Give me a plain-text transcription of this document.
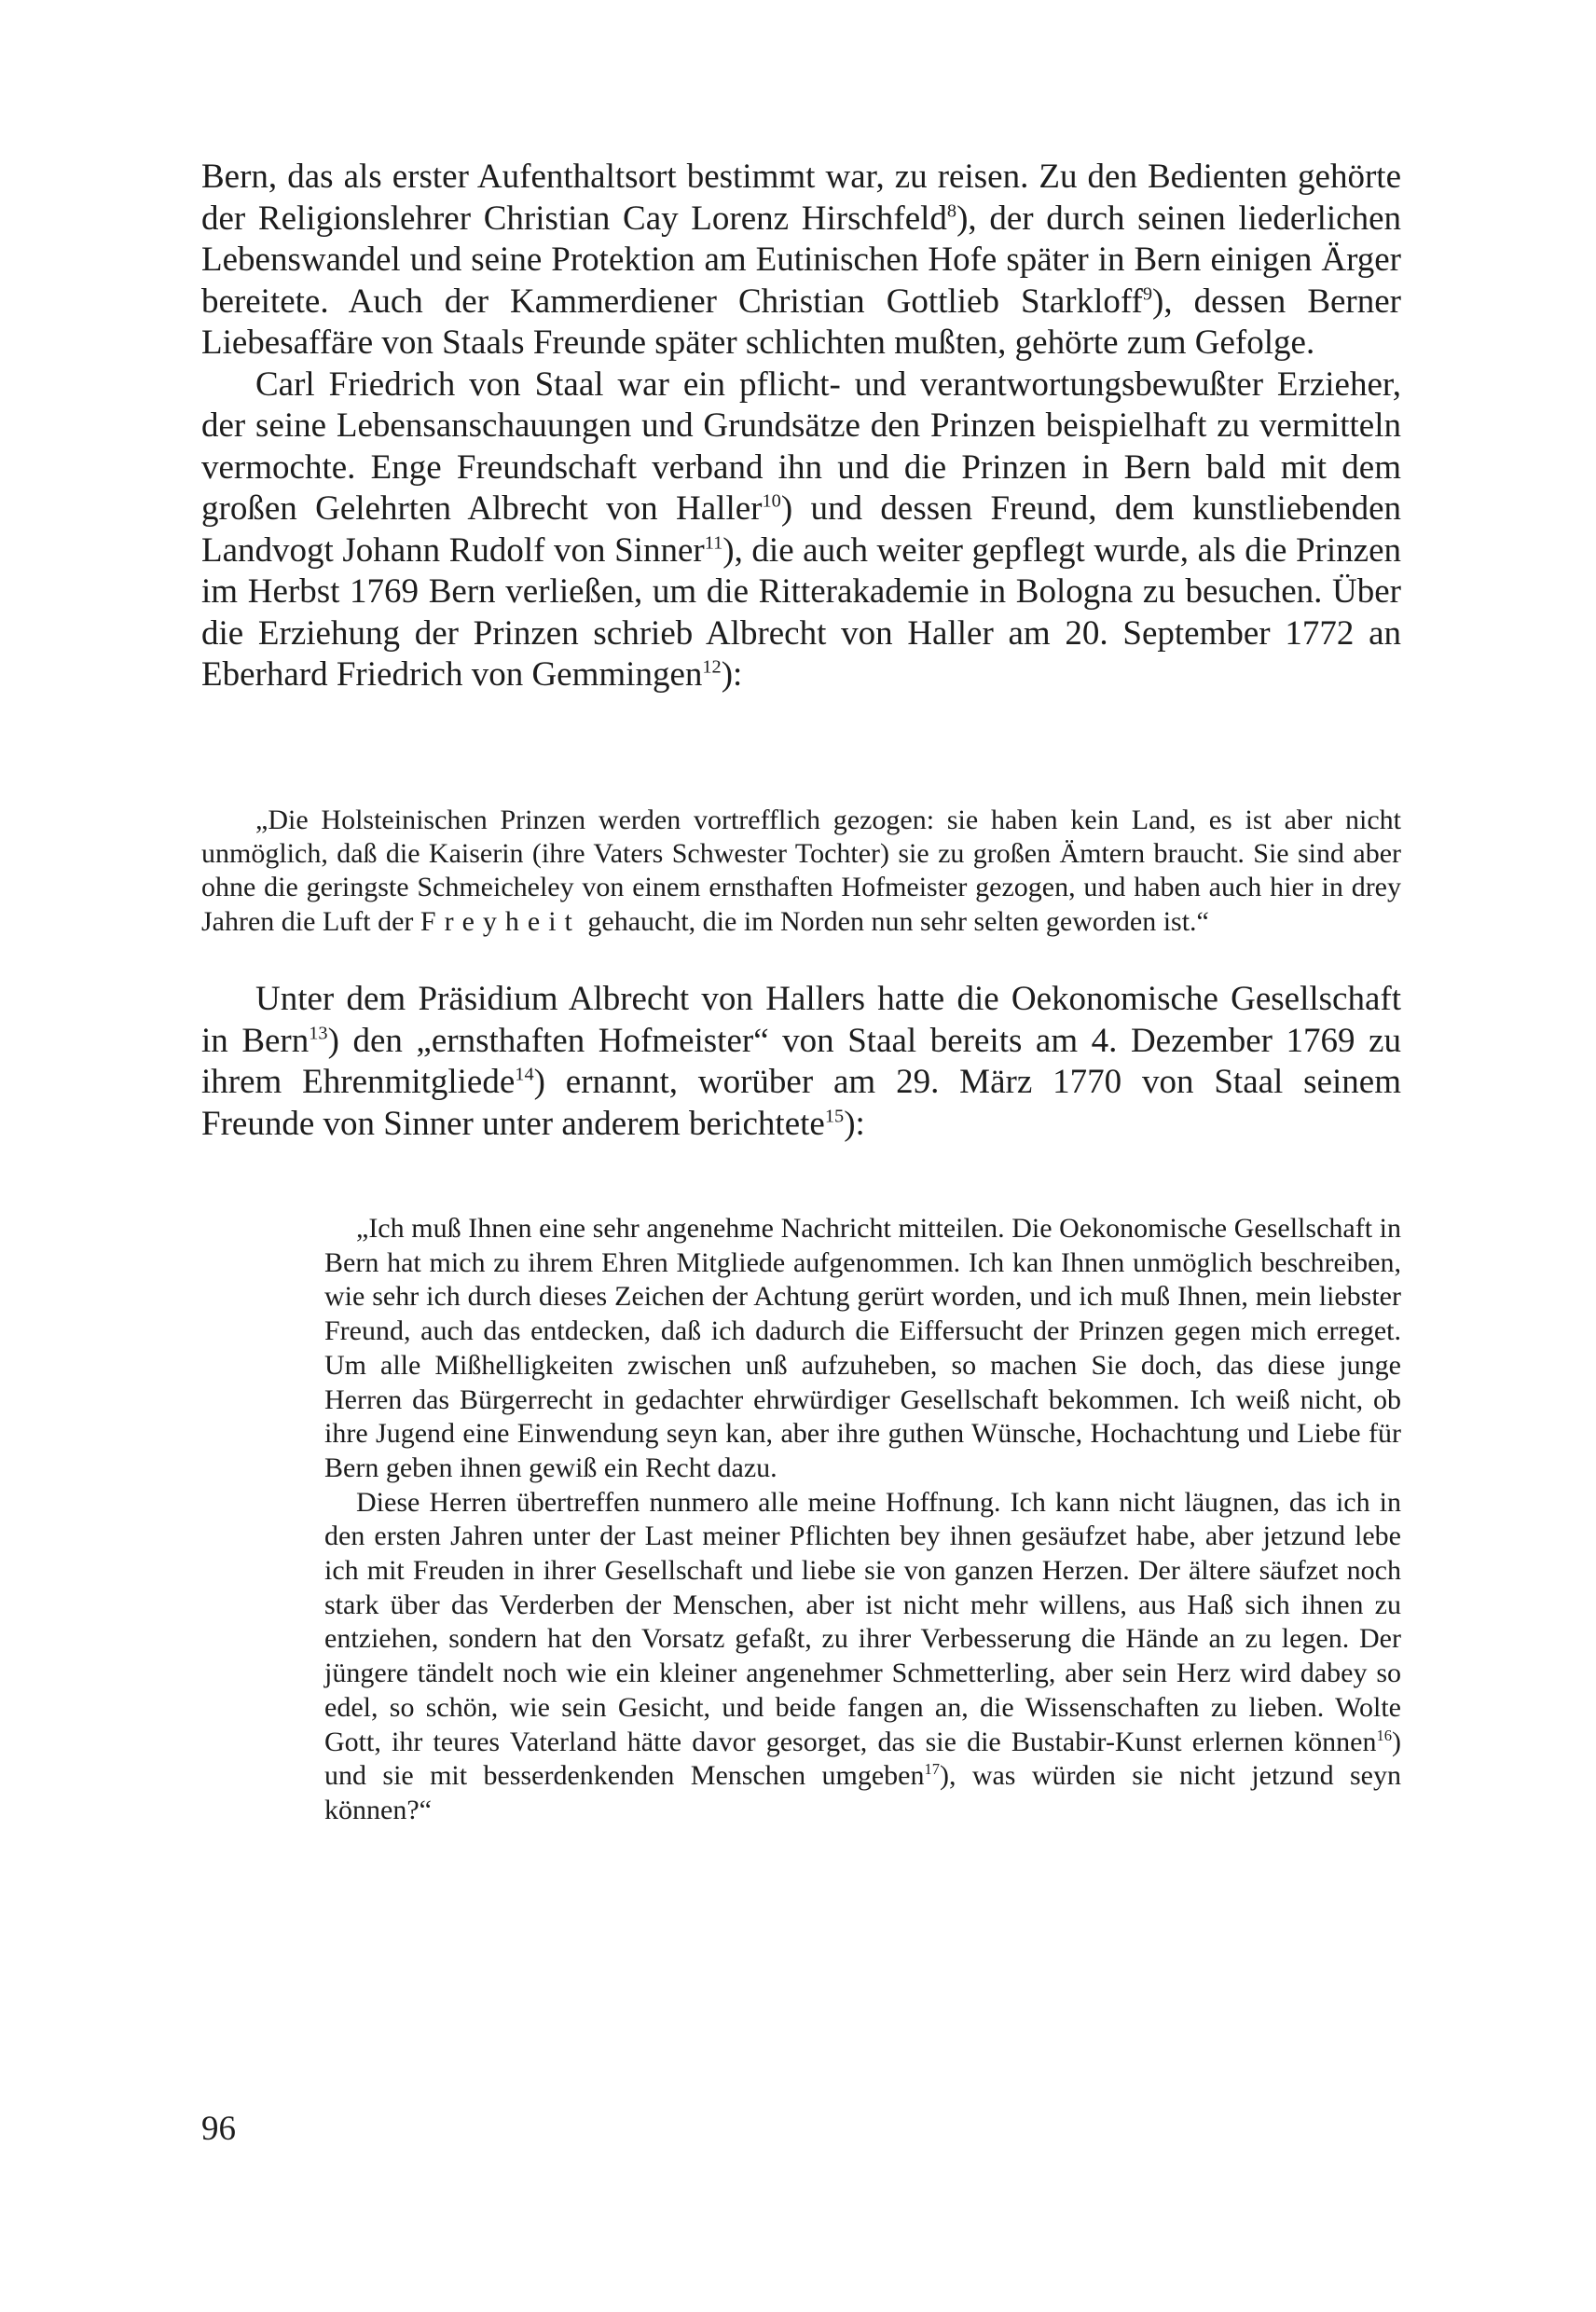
Bern, das als erster Aufenthaltsort bestimmt war, zu reisen. Zu den Bedienten gehörte der Religionslehrer Christian Cay Lorenz Hirschfeld$^8$), der durch seinen liederlichen Lebenswandel und seine Protektion am Eutinischen Hofe später in Bern einigen Ärger bereitete. Auch der Kammerdiener Christian Gottlieb Starkloff$^9$), dessen Berner Liebesaffäre von Staals Freunde später schlichten mußten, gehörte zum Gefolge.

Carl Friedrich von Staal war ein pflicht- und verantwortungsbewußter Erzieher, der seine Lebensanschauungen und Grundsätze den Prinzen beispielhaft zu vermitteln vermochte. Enge Freundschaft verband ihn und die Prinzen in Bern bald mit dem großen Gelehrten Albrecht von Haller$^{10}$) und dessen Freund, dem kunstliebenden Landvogt Johann Rudolf von Sinner$^{11}$), die auch weiter gepflegt wurde, als die Prinzen im Herbst 1769 Bern verließen, um die Ritterakademie in Bologna zu besuchen. Über die Erziehung der Prinzen schrieb Albrecht von Haller am 20. September 1772 an Eberhard Friedrich von Gemmingen$^{12}$):

„Die Holsteinischen Prinzen werden vortrefflich gezogen: sie haben kein Land, es ist aber nicht unmöglich, daß die Kaiserin (ihre Vaters Schwester Tochter) sie zu großen Ämtern braucht. Sie sind aber ohne die geringste Schmeicheley von einem ernsthaften Hofmeister gezogen, und haben auch hier in drey Jahren die Luft der Freyheit gehaucht, die im Norden nun sehr selten geworden ist.“

Unter dem Präsidium Albrecht von Hallers hatte die Oekonomische Gesellschaft in Bern$^{13}$) den „ernsthaften Hofmeister“ von Staal bereits am 4. Dezember 1769 zu ihrem Ehrenmitgliede$^{14}$) ernannt, worüber am 29. März 1770 von Staal seinem Freunde von Sinner unter anderem berichtete$^{15}$):

„Ich muß Ihnen eine sehr angenehme Nachricht mitteilen. Die Oekonomische Gesellschaft in Bern hat mich zu ihrem Ehren Mitgliede aufgenommen. Ich kan Ihnen unmöglich beschreiben, wie sehr ich durch dieses Zeichen der Achtung gerürt worden, und ich muß Ihnen, mein liebster Freund, auch das entdecken, daß ich dadurch die Eiffersucht der Prinzen gegen mich erreget. Um alle Mißhelligkeiten zwischen unß aufzuheben, so machen Sie doch, das diese junge Herren das Bürgerrecht in gedachter ehrwürdiger Gesellschaft bekommen. Ich weiß nicht, ob ihre Jugend eine Einwendung seyn kan, aber ihre guthen Wünsche, Hochachtung und Liebe für Bern geben ihnen gewiß ein Recht dazu.

Diese Herren übertreffen nunmero alle meine Hoffnung. Ich kann nicht läugnen, das ich in den ersten Jahren unter der Last meiner Pflichten bey ihnen gesäufzet habe, aber jetzund lebe ich mit Freuden in ihrer Gesellschaft und liebe sie von ganzen Herzen. Der ältere säufzet noch stark über das Verderben der Menschen, aber ist nicht mehr willens, aus Haß sich ihnen zu entziehen, sondern hat den Vorsatz gefaßt, zu ihrer Verbesserung die Hände an zu legen. Der jüngere tändelt noch wie ein kleiner angenehmer Schmetterling, aber sein Herz wird dabey so edel, so schön, wie sein Gesicht, und beide fangen an, die Wissenschaften zu lieben. Wolte Gott, ihr teures Vaterland hätte davor gesorget, das sie die Bustabir-Kunst erlernen können$^{16}$) und sie mit besserdenkenden Menschen umgeben$^{17}$), was würden sie nicht jetzund seyn können?“

96
